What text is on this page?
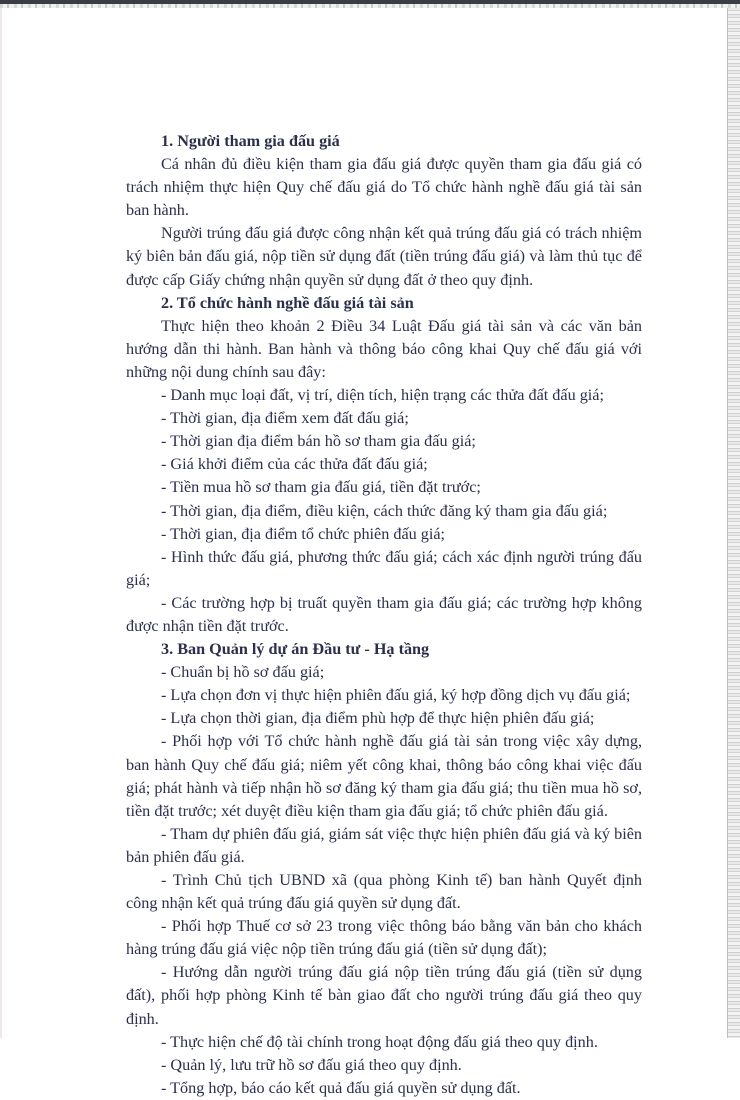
1. Người tham gia đấu giá

Cá nhân đủ điều kiện tham gia đấu giá được quyền tham gia đấu giá có trách nhiệm thực hiện Quy chế đấu giá do Tổ chức hành nghề đấu giá tài sản ban hành.

Người trúng đấu giá được công nhận kết quả trúng đấu giá có trách nhiệm ký biên bản đấu giá, nộp tiền sử dụng đất (tiền trúng đấu giá) và làm thủ tục để được cấp Giấy chứng nhận quyền sử dụng đất ở theo quy định.

2. Tổ chức hành nghề đấu giá tài sản

Thực hiện theo khoản 2 Điều 34 Luật Đấu giá tài sản và các văn bản hướng dẫn thi hành. Ban hành và thông báo công khai Quy chế đấu giá với những nội dung chính sau đây:

- Danh mục loại đất, vị trí, diện tích, hiện trạng các thửa đất đấu giá;

- Thời gian, địa điểm xem đất đấu giá;

- Thời gian địa điểm bán hồ sơ tham gia đấu giá;

- Giá khởi điểm của các thửa đất đấu giá;

- Tiền mua hồ sơ tham gia đấu giá, tiền đặt trước;

- Thời gian, địa điểm, điều kiện, cách thức đăng ký tham gia đấu giá;

- Thời gian, địa điểm tổ chức phiên đấu giá;

- Hình thức đấu giá, phương thức đấu giá; cách xác định người trúng đấu giá;

- Các trường hợp bị truất quyền tham gia đấu giá; các trường hợp không được nhận tiền đặt trước.

3. Ban Quản lý dự án Đầu tư - Hạ tầng

- Chuẩn bị hồ sơ đấu giá;

- Lựa chọn đơn vị thực hiện phiên đấu giá, ký hợp đồng dịch vụ đấu giá;

- Lựa chọn thời gian, địa điểm phù hợp để thực hiện phiên đấu giá;

- Phối hợp với Tổ chức hành nghề đấu giá tài sản trong việc xây dựng, ban hành Quy chế đấu giá; niêm yết công khai, thông báo công khai việc đấu giá; phát hành và tiếp nhận hồ sơ đăng ký tham gia đấu giá; thu tiền mua hồ sơ, tiền đặt trước; xét duyệt điều kiện tham gia đấu giá; tổ chức phiên đấu giá.

- Tham dự phiên đấu giá, giám sát việc thực hiện phiên đấu giá và ký biên bản phiên đấu giá.

- Trình Chủ tịch UBND xã (qua phòng Kinh tế) ban hành Quyết định công nhận kết quả trúng đấu giá quyền sử dụng đất.

- Phối hợp Thuế cơ sở 23 trong việc thông báo bằng văn bản cho khách hàng trúng đấu giá việc nộp tiền trúng đấu giá (tiền sử dụng đất);

- Hướng dẫn người trúng đấu giá nộp tiền trúng đấu giá (tiền sử dụng đất), phối hợp phòng Kinh tế bàn giao đất cho người trúng đấu giá theo quy định.

- Thực hiện chế độ tài chính trong hoạt động đấu giá theo quy định.

- Quản lý, lưu trữ hồ sơ đấu giá theo quy định.

- Tổng hợp, báo cáo kết quả đấu giá quyền sử dụng đất.
